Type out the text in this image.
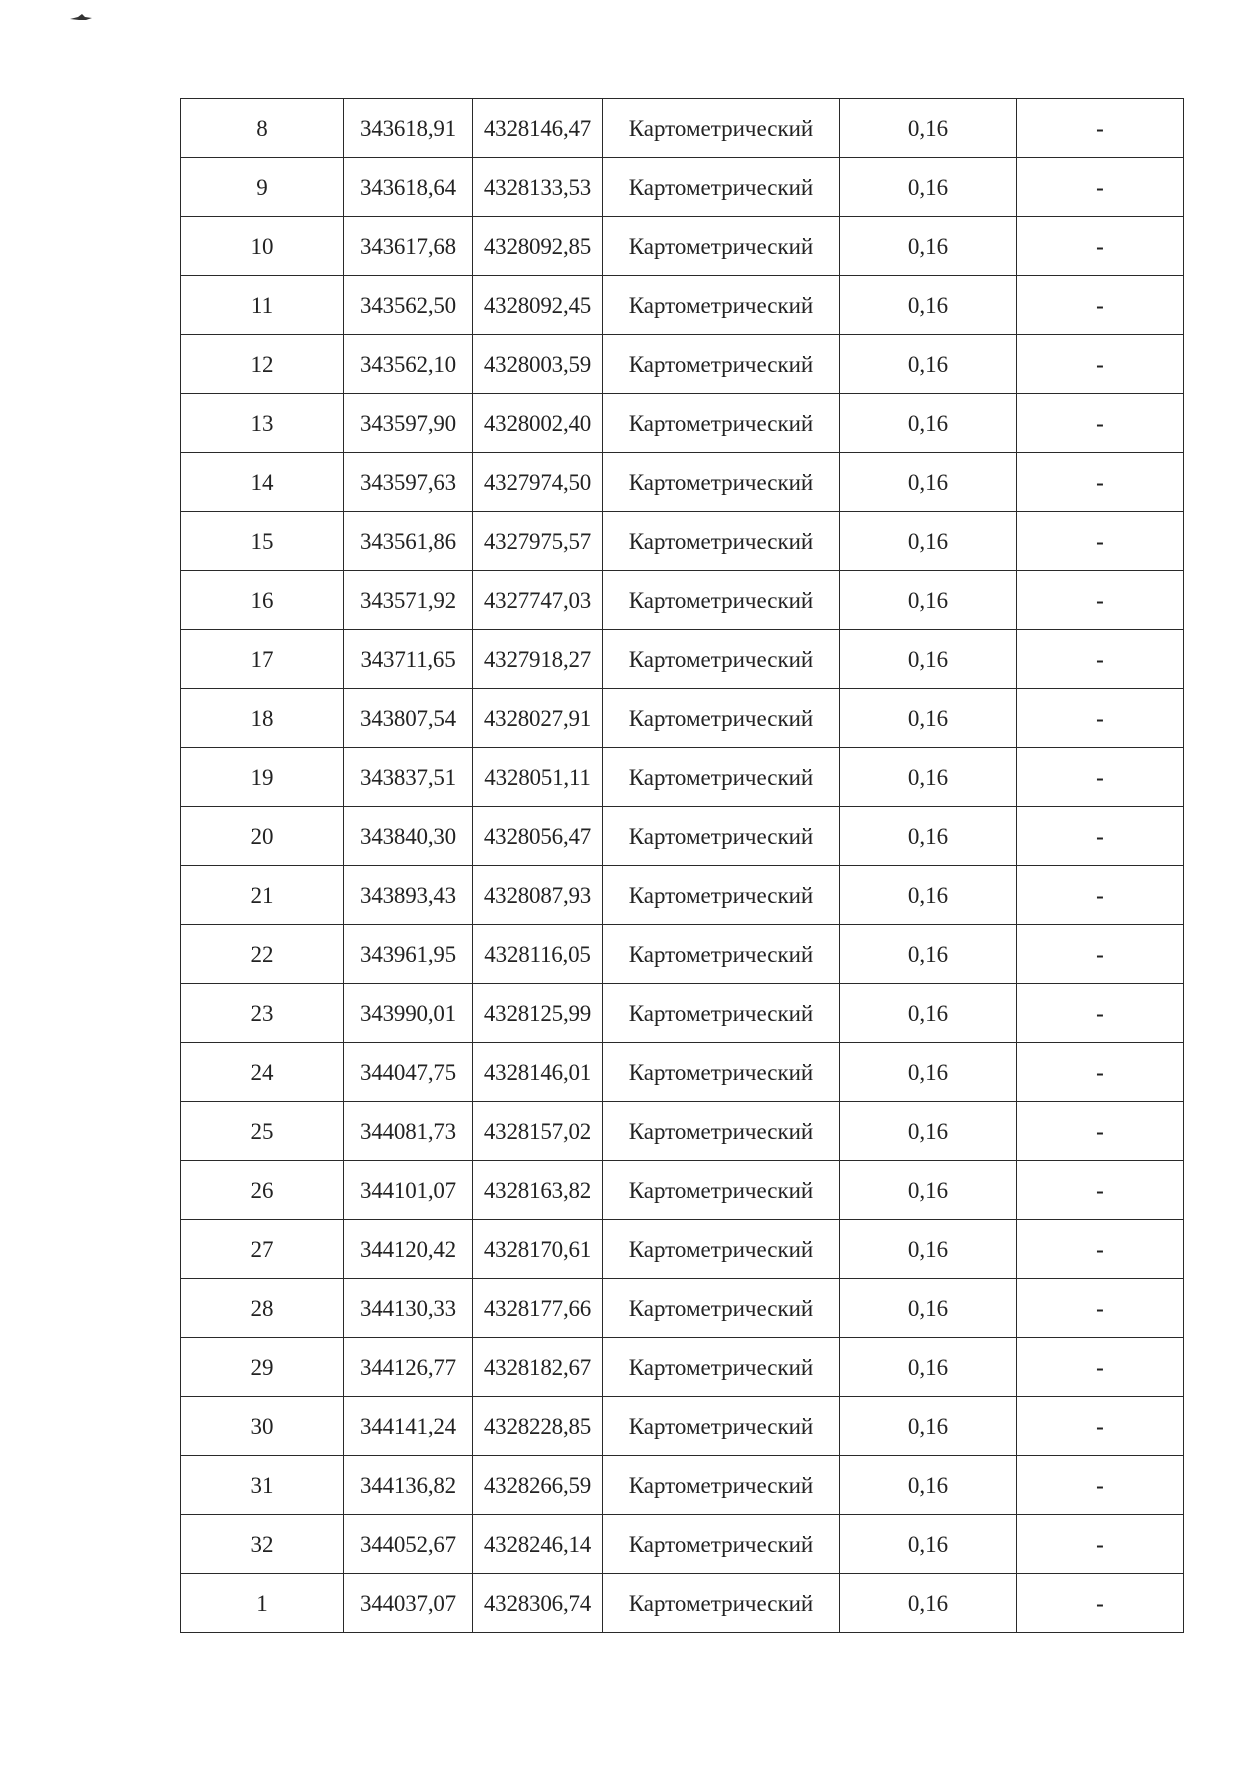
8	343618,91	4328146,47	Картометрический	0,16	-
9	343618,64	4328133,53	Картометрический	0,16	-
10	343617,68	4328092,85	Картометрический	0,16	-
11	343562,50	4328092,45	Картометрический	0,16	-
12	343562,10	4328003,59	Картометрический	0,16	-
13	343597,90	4328002,40	Картометрический	0,16	-
14	343597,63	4327974,50	Картометрический	0,16	-
15	343561,86	4327975,57	Картометрический	0,16	-
16	343571,92	4327747,03	Картометрический	0,16	-
17	343711,65	4327918,27	Картометрический	0,16	-
18	343807,54	4328027,91	Картометрический	0,16	-
19	343837,51	4328051,11	Картометрический	0,16	-
20	343840,30	4328056,47	Картометрический	0,16	-
21	343893,43	4328087,93	Картометрический	0,16	-
22	343961,95	4328116,05	Картометрический	0,16	-
23	343990,01	4328125,99	Картометрический	0,16	-
24	344047,75	4328146,01	Картометрический	0,16	-
25	344081,73	4328157,02	Картометрический	0,16	-
26	344101,07	4328163,82	Картометрический	0,16	-
27	344120,42	4328170,61	Картометрический	0,16	-
28	344130,33	4328177,66	Картометрический	0,16	-
29	344126,77	4328182,67	Картометрический	0,16	-
30	344141,24	4328228,85	Картометрический	0,16	-
31	344136,82	4328266,59	Картометрический	0,16	-
32	344052,67	4328246,14	Картометрический	0,16	-
1	344037,07	4328306,74	Картометрический	0,16	-
